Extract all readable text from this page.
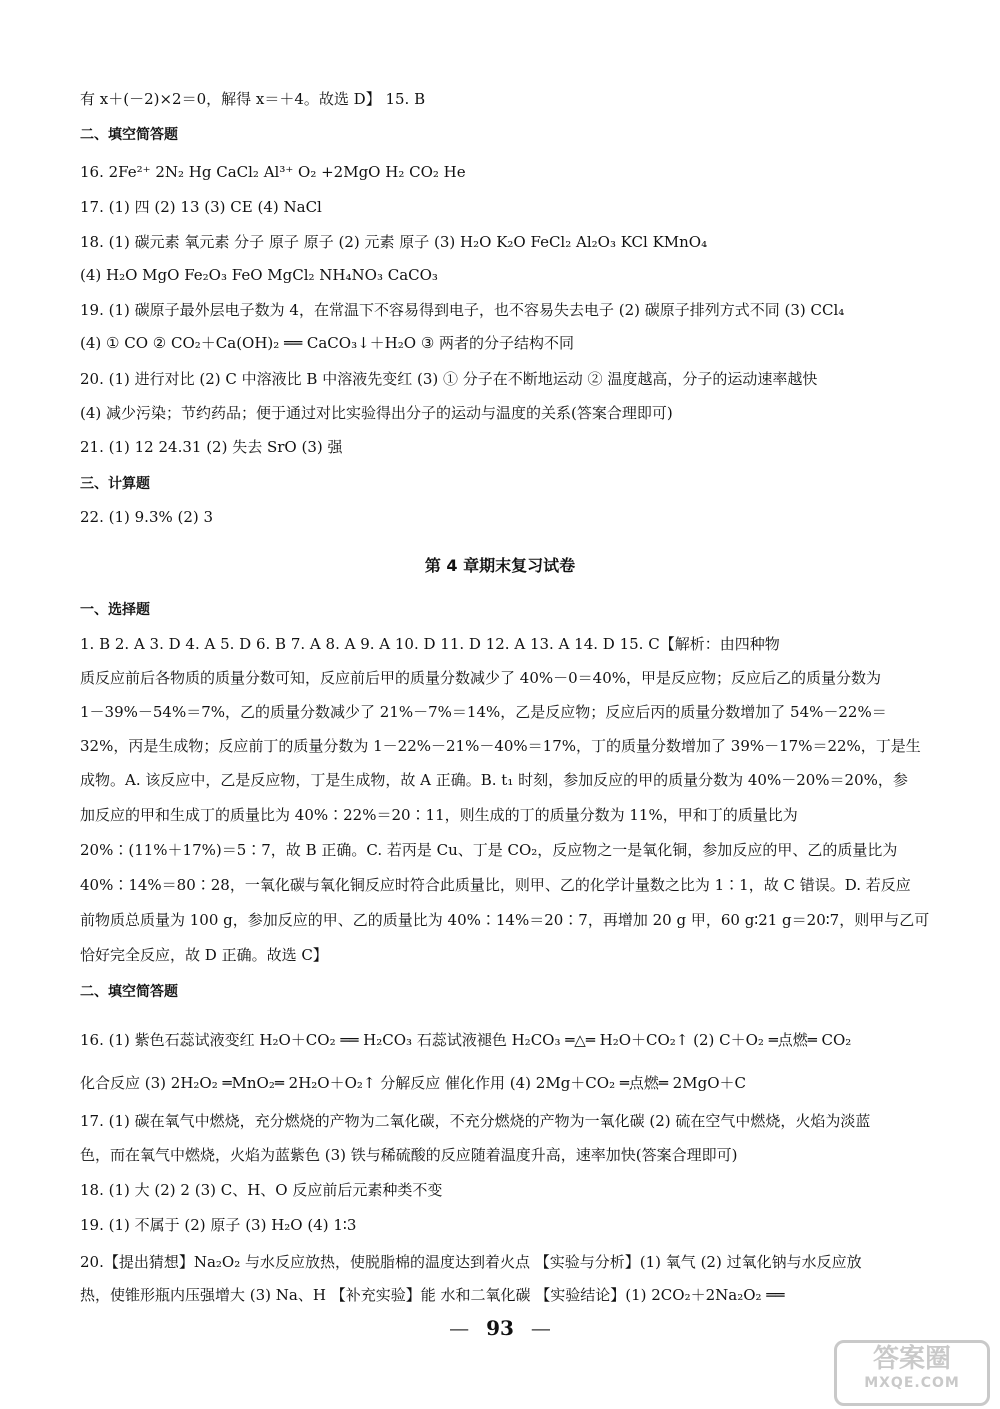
有 x＋(－2)×2＝0，解得 x＝＋4。故选 D】 15. B
二、填空简答题
16. 2Fe²⁺ 2N₂ Hg CaCl₂ Al³⁺ O₂ +2MgO H₂ CO₂ He
17. (1) 四 (2) 13 (3) CE (4) NaCl
18. (1) 碳元素 氧元素 分子 原子 原子 (2) 元素 原子 (3) H₂O K₂O FeCl₂ Al₂O₃ KCl KMnO₄
(4) H₂O MgO Fe₂O₃ FeO MgCl₂ NH₄NO₃ CaCO₃
19. (1) 碳原子最外层电子数为 4，在常温下不容易得到电子，也不容易失去电子 (2) 碳原子排列方式不同 (3) CCl₄
(4) ① CO ② CO₂＋Ca(OH)₂ ══ CaCO₃↓＋H₂O ③ 两者的分子结构不同
20. (1) 进行对比 (2) C 中溶液比 B 中溶液先变红 (3) ① 分子在不断地运动 ② 温度越高，分子的运动速率越快
(4) 减少污染；节约药品；便于通过对比实验得出分子的运动与温度的关系(答案合理即可)
21. (1) 12 24.31 (2) 失去 SrO (3) 强
三、计算题
22. (1) 9.3% (2) 3
第 4 章期末复习试卷
一、选择题
1. B 2. A 3. D 4. A 5. D 6. B 7. A 8. A 9. A 10. D 11. D 12. A 13. A 14. D 15. C【解析：由四种物
质反应前后各物质的质量分数可知，反应前后甲的质量分数减少了 40%－0＝40%，甲是反应物；反应后乙的质量分数为
1－39%－54%＝7%，乙的质量分数减少了 21%－7%＝14%，乙是反应物；反应后丙的质量分数增加了 54%－22%＝
32%，丙是生成物；反应前丁的质量分数为 1－22%－21%－40%＝17%，丁的质量分数增加了 39%－17%＝22%，丁是生
成物。A. 该反应中，乙是反应物，丁是生成物，故 A 正确。B. t₁ 时刻，参加反应的甲的质量分数为 40%－20%＝20%，参
加反应的甲和生成丁的质量比为 40%∶22%＝20∶11，则生成的丁的质量分数为 11%，甲和丁的质量比为
20%∶(11%＋17%)＝5∶7，故 B 正确。C. 若丙是 Cu、丁是 CO₂，反应物之一是氧化铜，参加反应的甲、乙的质量比为
40%∶14%＝80∶28，一氧化碳与氧化铜反应时符合此质量比，则甲、乙的化学计量数之比为 1∶1，故 C 错误。D. 若反应
前物质总质量为 100 g，参加反应的甲、乙的质量比为 40%∶14%＝20∶7，再增加 20 g 甲，60 g∶21 g＝20∶7，则甲与乙可
恰好完全反应，故 D 正确。故选 C】
二、填空简答题
16. (1) 紫色石蕊试液变红 H₂O＋CO₂ ══ H₂CO₃ 石蕊试液褪色 H₂CO₃ ═△═ H₂O＋CO₂↑ (2) C＋O₂ ═点燃═ CO₂
化合反应 (3) 2H₂O₂ ═MnO₂═ 2H₂O＋O₂↑ 分解反应 催化作用 (4) 2Mg＋CO₂ ═点燃═ 2MgO＋C
17. (1) 碳在氧气中燃烧，充分燃烧的产物为二氧化碳，不充分燃烧的产物为一氧化碳 (2) 硫在空气中燃烧，火焰为淡蓝
色，而在氧气中燃烧，火焰为蓝紫色 (3) 铁与稀硫酸的反应随着温度升高，速率加快(答案合理即可)
18. (1) 大 (2) 2 (3) C、H、O 反应前后元素种类不变
19. (1) 不属于 (2) 原子 (3) H₂O (4) 1∶3
20.【提出猜想】Na₂O₂ 与水反应放热，使脱脂棉的温度达到着火点 【实验与分析】(1) 氧气 (2) 过氧化钠与水反应放
热，使锥形瓶内压强增大 (3) Na、H 【补充实验】能 水和二氧化碳 【实验结论】(1) 2CO₂＋2Na₂O₂ ══
— 93 —
答案圈
MXQE.COM
